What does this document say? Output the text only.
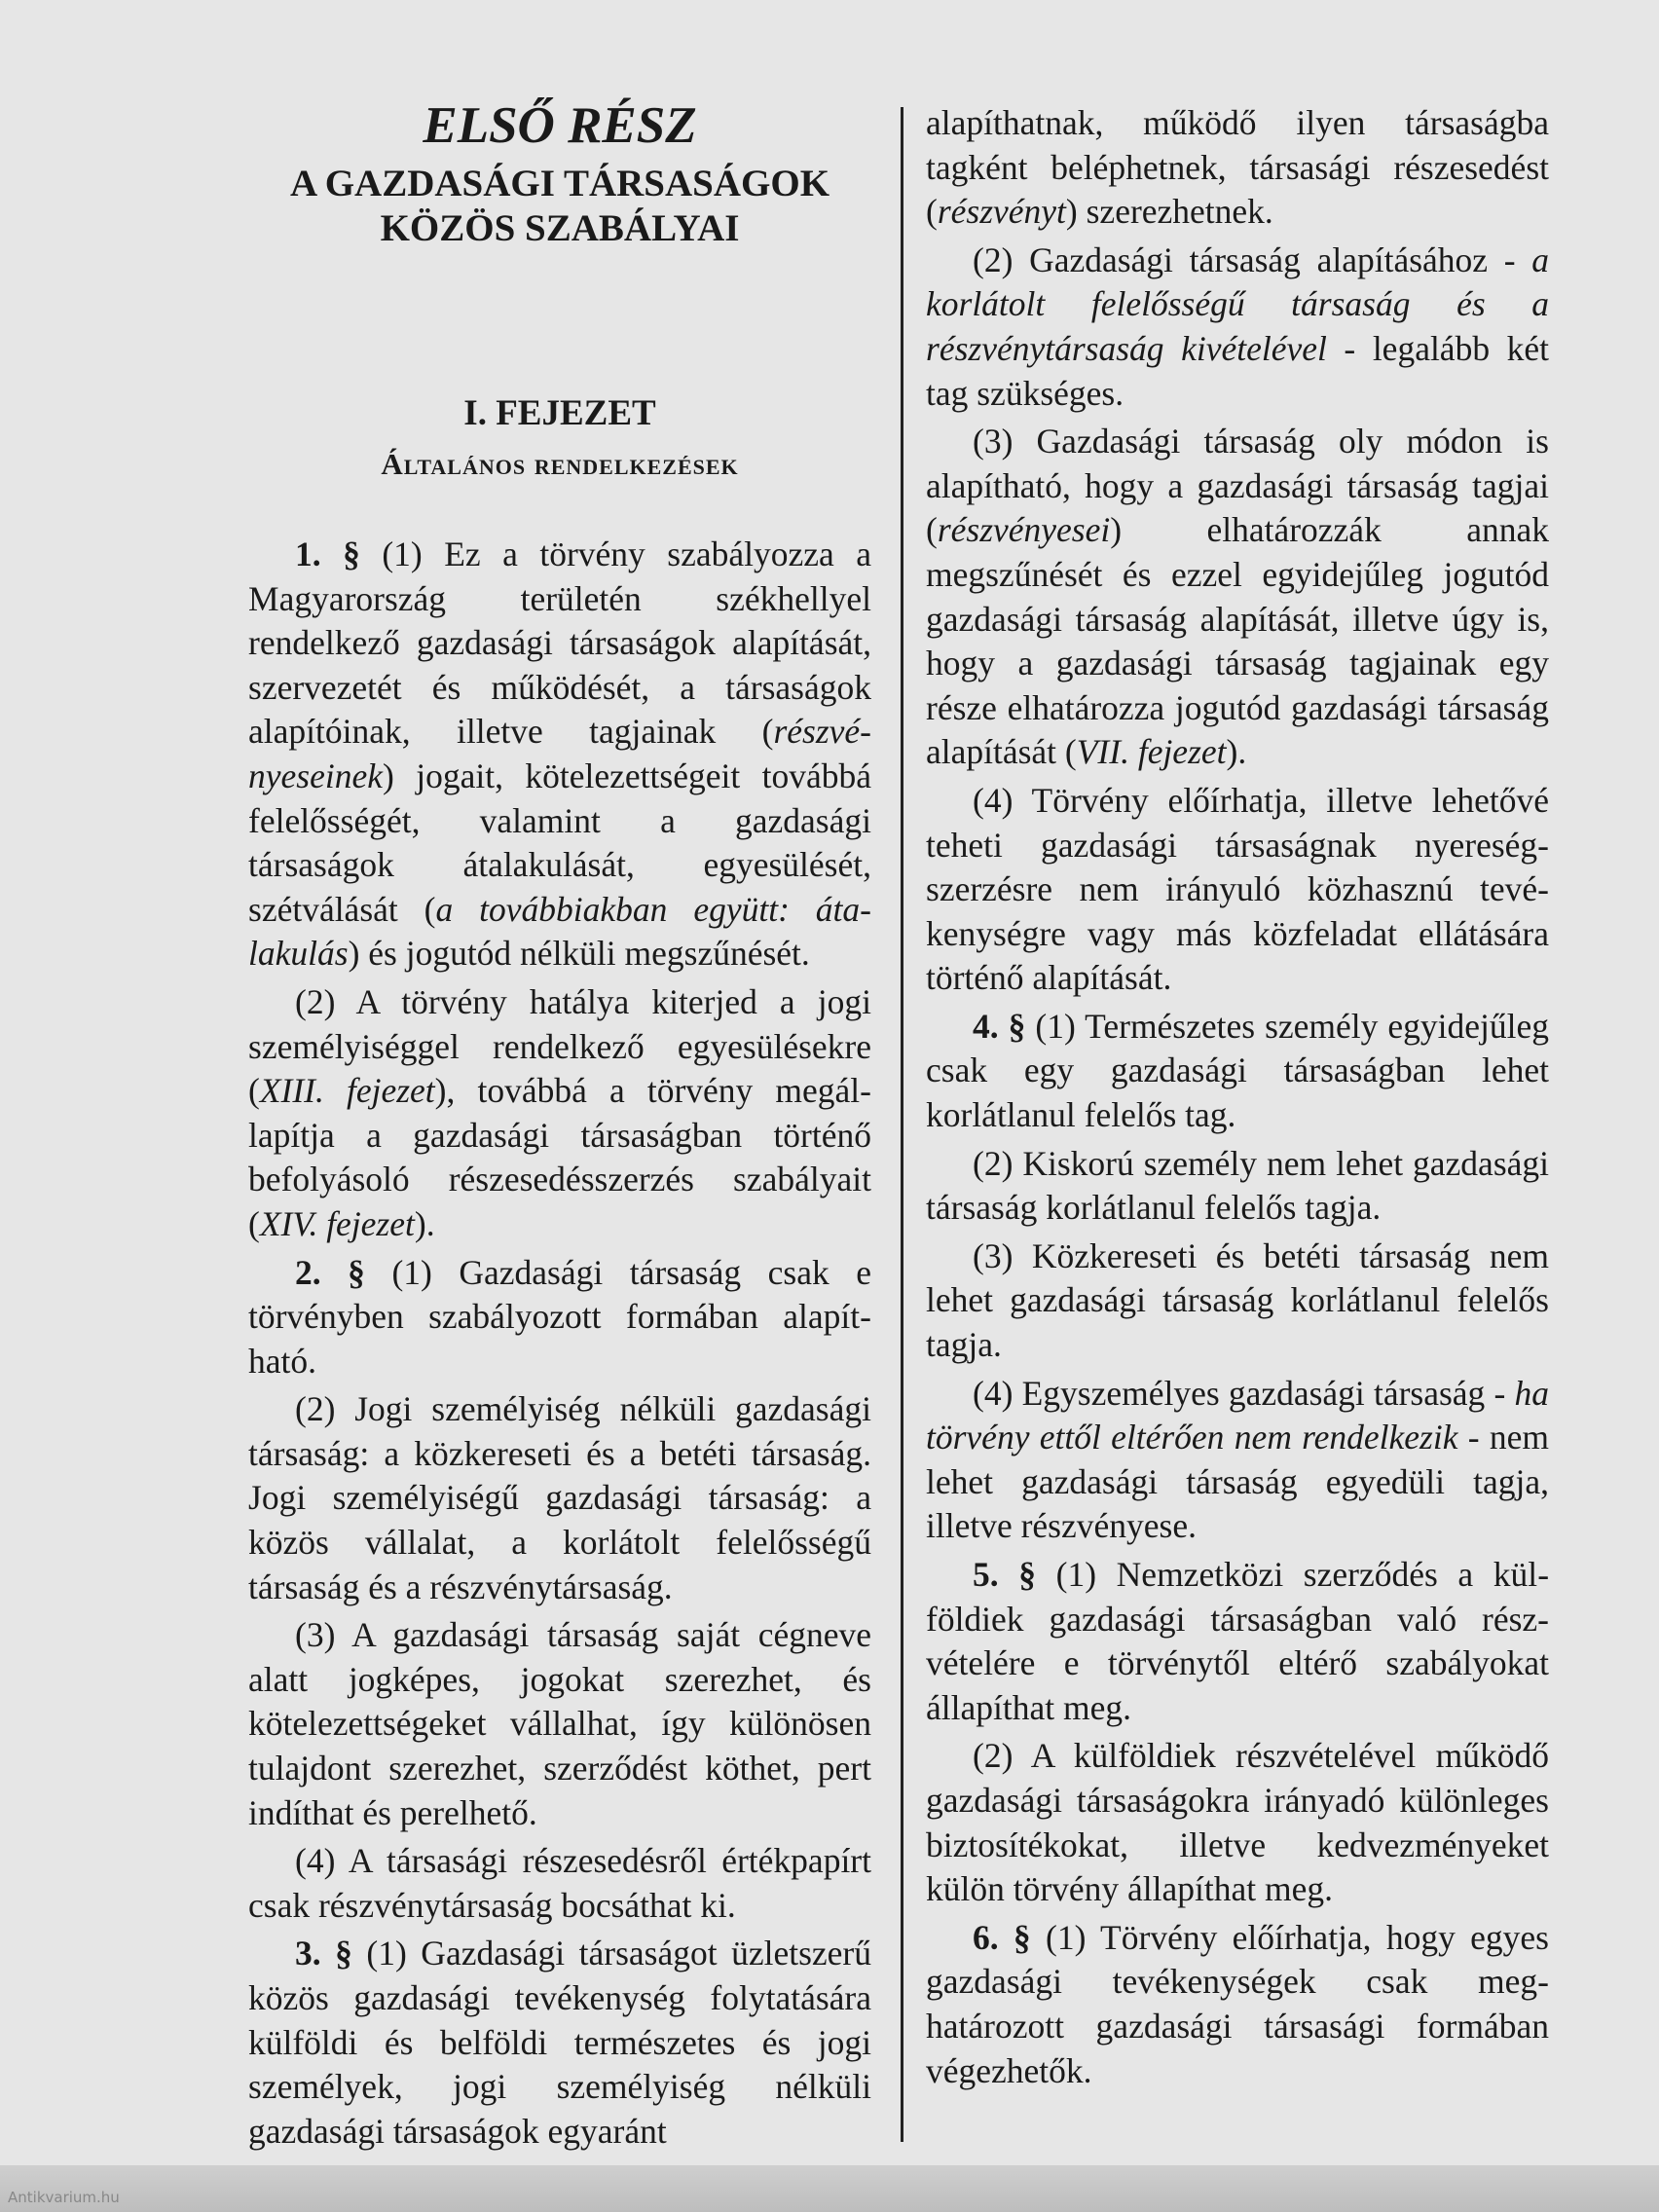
ELSŐ RÉSZ
A GAZDASÁGI TÁRSASÁGOK
KÖZÖS SZABÁLYAI
I. FEJEZET
Általános rendelkezések

1. § (1) Ez a törvény szabályozza a Magyarország területén székhellyel rendelkező gazdasági társaságok alapítását, szervezetét és működését, a társaságok alapítóinak, illetve tagjainak (részvényeseinek) jogait, kötelezettségeit továbbá felelősségét, valamint a gazdasági társaságok átalakulását, egyesülését, szétválását (a továbbiakban együtt: átalakulás) és jogutód nélküli megszűnését.

(2) A törvény hatálya kiterjed a jogi személyiséggel rendelkező egyesülésekre (XIII. fejezet), továbbá a törvény megállapítja a gazdasági társaságban történő befolyásoló részesedésszerzés szabályait (XIV. fejezet).

2. § (1) Gazdasági társaság csak e törvényben szabályozott formában alapítható.

(2) Jogi személyiség nélküli gazdasági társaság: a közkereseti és a betéti társaság. Jogi személyiségű gazdasági társaság: a közös vállalat, a korlátolt felelősségű társaság és a részvénytársaság.

(3) A gazdasági társaság saját cégneve alatt jogképes, jogokat szerezhet, és kötelezettségeket vállalhat, így különösen tulajdont szerezhet, szerződést köthet, pert indíthat és perelhető.

(4) A társasági részesedésről értékpapírt csak részvénytársaság bocsáthat ki.

3. § (1) Gazdasági társaságot üzletszerű közös gazdasági tevékenység folytatására külföldi és belföldi természetes és jogi személyek, jogi személyiség nélküli gazdasági társaságok egyaránt

alapíthatnak, működő ilyen társaságba tagként beléphetnek, társasági részesedést (részvényt) szerezhetnek.

(2) Gazdasági társaság alapításához - a korlátolt felelősségű társaság és a részvénytársaság kivételével - legalább két tag szükséges.

(3) Gazdasági társaság oly módon is alapítható, hogy a gazdasági társaság tagjai (részvényesei) elhatározzák annak megszűnését és ezzel egyidejűleg jogutód gazdasági társaság alapítását, illetve úgy is, hogy a gazdasági társaság tagjainak egy része elhatározza jogutód gazdasági társaság alapítását (VII. fejezet).

(4) Törvény előírhatja, illetve lehetővé teheti gazdasági társaságnak nyereségszerzésre nem irányuló közhasznú tevékenységre vagy más közfeladat ellátására történő alapítását.

4. § (1) Természetes személy egyidejűleg csak egy gazdasági társaságban lehet korlátlanul felelős tag.

(2) Kiskorú személy nem lehet gazdasági társaság korlátlanul felelős tagja.

(3) Közkereseti és betéti társaság nem lehet gazdasági társaság korlátlanul felelős tagja.

(4) Egyszemélyes gazdasági társaság - ha törvény ettől eltérően nem rendelkezik - nem lehet gazdasági társaság egyedüli tagja, illetve részvényese.

5. § (1) Nemzetközi szerződés a külföldiek gazdasági társaságban való részvételére e törvénytől eltérő szabályokat állapíthat meg.

(2) A külföldiek részvételével működő gazdasági társaságokra irányadó különleges biztosítékokat, illetve kedvezményeket külön törvény állapíthat meg.

6. § (1) Törvény előírhatja, hogy egyes gazdasági tevékenységek csak meghatározott gazdasági társasági formában végezhetők.

Antikvarium.hu
